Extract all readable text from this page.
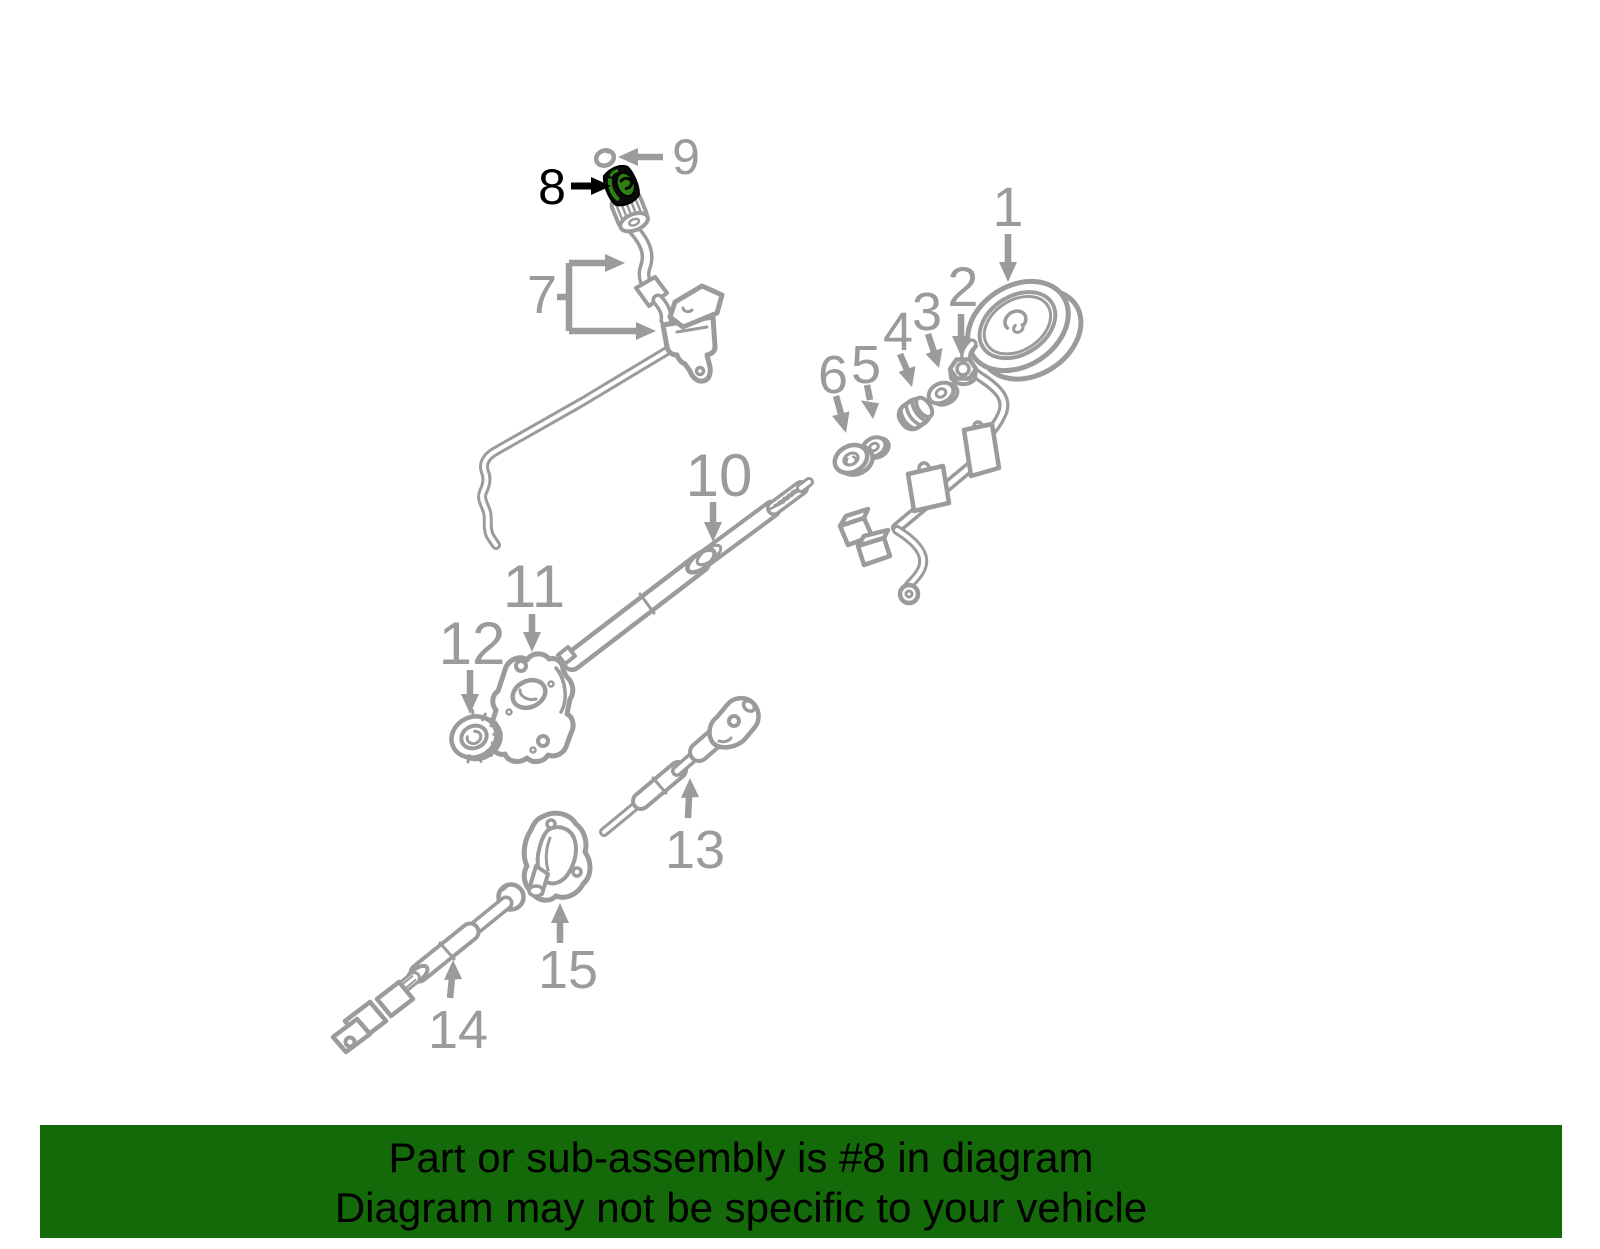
1
2
3
4
5
6
7
8
9
10
11
12
13
14
15
Part or sub-assembly is #8 in diagram
Diagram may not be specific to your vehicle
